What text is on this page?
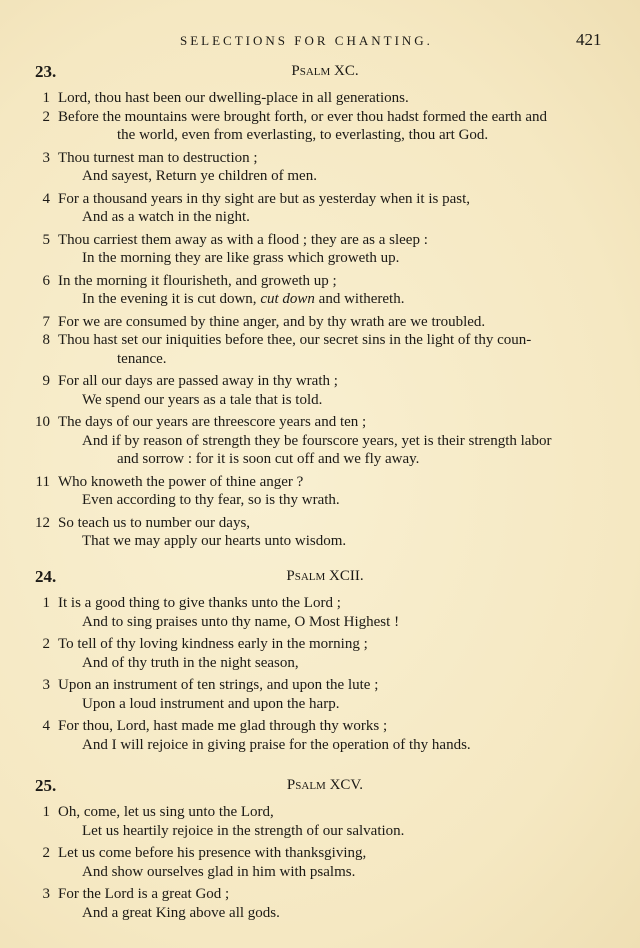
SELECTIONS FOR CHANTING.	421
23.	Psalm XC.
1 Lord, thou hast been our dwelling-place in all generations.
2 Before the mountains were brought forth, or ever thou hadst formed the earth and
the world, even from everlasting, to everlasting, thou art God.
3 Thou turnest man to destruction ;
And sayest, Return ye children of men.
4 For a thousand years in thy sight are but as yesterday when it is past,
And as a watch in the night.
5 Thou carriest them away as with a flood ; they are as a sleep :
In the morning they are like grass which groweth up.
6 In the morning it flourisheth, and groweth up ;
In the evening it is cut down, cut down and withereth.
7 For we are consumed by thine anger, and by thy wrath are we troubled.
8 Thou hast set our iniquities before thee, our secret sins in the light of thy coun-
tenance.
9 For all our days are passed away in thy wrath ;
We spend our years as a tale that is told.
10 The days of our years are threescore years and ten ;
And if by reason of strength they be fourscore years, yet is their strength labor
and sorrow : for it is soon cut off and we fly away.
11 Who knoweth the power of thine anger ?
Even according to thy fear, so is thy wrath.
12 So teach us to number our days,
That we may apply our hearts unto wisdom.
24.	Psalm XCII.
1 It is a good thing to give thanks unto the Lord ;
And to sing praises unto thy name, O Most Highest !
2 To tell of thy loving kindness early in the morning ;
And of thy truth in the night season,
3 Upon an instrument of ten strings, and upon the lute ;
Upon a loud instrument and upon the harp.
4 For thou, Lord, hast made me glad through thy works ;
And I will rejoice in giving praise for the operation of thy hands.
25.	Psalm XCV.
1 Oh, come, let us sing unto the Lord,
Let us heartily rejoice in the strength of our salvation.
2 Let us come before his presence with thanksgiving,
And show ourselves glad in him with psalms.
3 For the Lord is a great God ;
And a great King above all gods.
